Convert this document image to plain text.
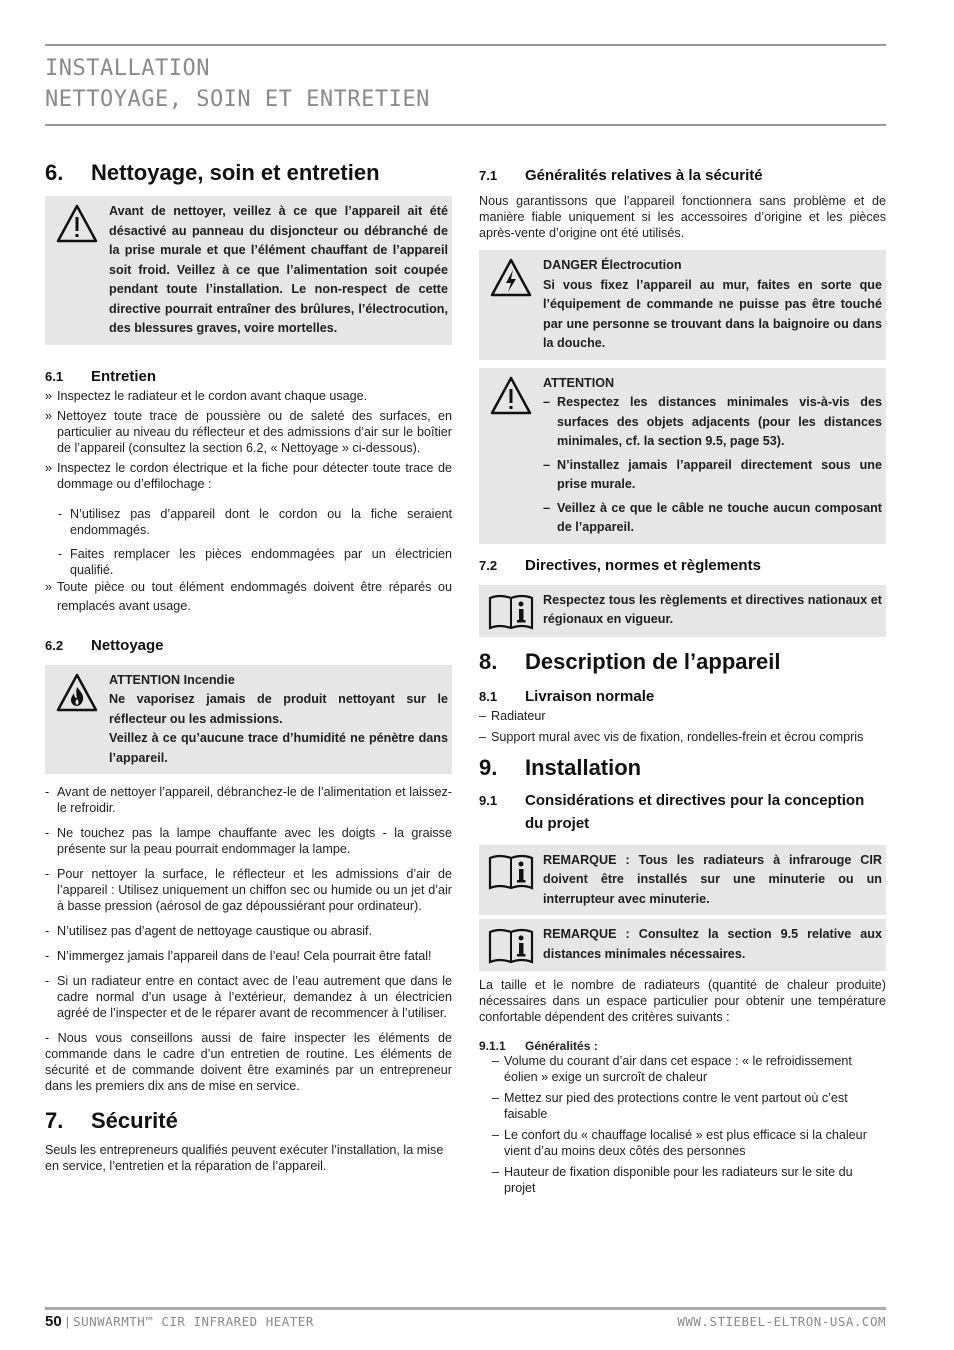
INSTALLATION
NETTOYAGE, SOIN ET ENTRETIEN
6.	Nettoyage, soin et entretien
Avant de nettoyer, veillez à ce que l’appareil ait été désactivé au panneau du disjoncteur ou débranché de la prise murale et que l’élément chauffant de l’appareil soit froid. Veillez à ce que l’alimentation soit coupée pendant toute l’installation. Le non-respect de cette directive pourrait entraîner des brûlures, l’électrocution, des blessures graves, voire mortelles.
6.1	Entretien
» Inspectez le radiateur et le cordon avant chaque usage.
» Nettoyez toute trace de poussière ou de saleté des surfaces, en particulier au niveau du réflecteur et des admissions d’air sur le boîtier de l’appareil (consultez la section 6.2, « Nettoyage » ci-dessous).
» Inspectez le cordon électrique et la fiche pour détecter toute trace de dommage ou d’effilochage :
- N’utilisez pas d’appareil dont le cordon ou la fiche seraient endommagés.
- Faites remplacer les pièces endommagées par un électricien qualifié.
» Toute pièce ou tout élément endommagés doivent être réparés ou remplacés avant usage.
6.2	Nettoyage
ATTENTION Incendie
Ne vaporisez jamais de produit nettoyant sur le réflecteur ou les admissions.
Veillez à ce qu’aucune trace d’humidité ne pénètre dans l’appareil.
- Avant de nettoyer l’appareil, débranchez-le de l’alimentation et laissez-le refroidir.
- Ne touchez pas la lampe chauffante avec les doigts - la graisse présente sur la peau pourrait endommager la lampe.
- Pour nettoyer la surface, le réflecteur et les admissions d’air de l’appareil : Utilisez uniquement un chiffon sec ou humide ou un jet d’air à basse pression (aérosol de gaz dépoussiérant pour ordinateur).
- N’utilisez pas d’agent de nettoyage caustique ou abrasif.
- N’immergez jamais l’appareil dans de l’eau! Cela pourrait être fatal!
- Si un radiateur entre en contact avec de l’eau autrement que dans le cadre normal d’un usage à l’extérieur, demandez à un électricien agréé de l’inspecter et de le réparer avant de recommencer à l’utiliser.
- Nous vous conseillons aussi de faire inspecter les éléments de commande dans le cadre d’un entretien de routine. Les éléments de sécurité et de commande doivent être examinés par un entrepreneur dans les premiers dix ans de mise en service.
7.	Sécurité
Seuls les entrepreneurs qualifiés peuvent exécuter l’installation, la mise en service, l’entretien et la réparation de l’appareil.
7.1	Généralités relatives à la sécurité
Nous garantissons que l’appareil fonctionnera sans problème et de manière fiable uniquement si les accessoires d’origine et les pièces après-vente d’origine ont été utilisés.
DANGER Électrocution
Si vous fixez l’appareil au mur, faites en sorte que l’équipement de commande ne puisse pas être touché par une personne se trouvant dans la baignoire ou dans la douche.
ATTENTION
– Respectez les distances minimales vis-à-vis des surfaces des objets adjacents (pour les distances minimales, cf. la section 9.5, page 53).
– N’installez jamais l’appareil directement sous une prise murale.
– Veillez à ce que le câble ne touche aucun composant de l’appareil.
7.2	Directives, normes et règlements
Respectez tous les règlements et directives nationaux et régionaux en vigueur.
8.	Description de l’appareil
8.1	Livraison normale
– Radiateur
– Support mural avec vis de fixation, rondelles-frein et écrou compris
9.	Installation
9.1	Considérations et directives pour la conception du projet
REMARQUE : Tous les radiateurs à infrarouge CIR doivent être installés sur une minuterie ou un interrupteur avec minuterie.
REMARQUE : Consultez la section 9.5 relative aux distances minimales nécessaires.
La taille et le nombre de radiateurs (quantité de chaleur produite) nécessaires dans un espace particulier pour obtenir une température confortable dépendent des critères suivants :
9.1.1	Généralités :
– Volume du courant d’air dans cet espace : « le refroidissement éolien » exige un surcroît de chaleur
– Mettez sur pied des protections contre le vent partout où c’est faisable
– Le confort du « chauffage localisé » est plus efficace si la chaleur vient d’au moins deux côtés des personnes
– Hauteur de fixation disponible pour les radiateurs sur le site du projet
50 | SUNWARMTH™ CIR INFRARED HEATER	WWW.STIEBEL-ELTRON-USA.COM
